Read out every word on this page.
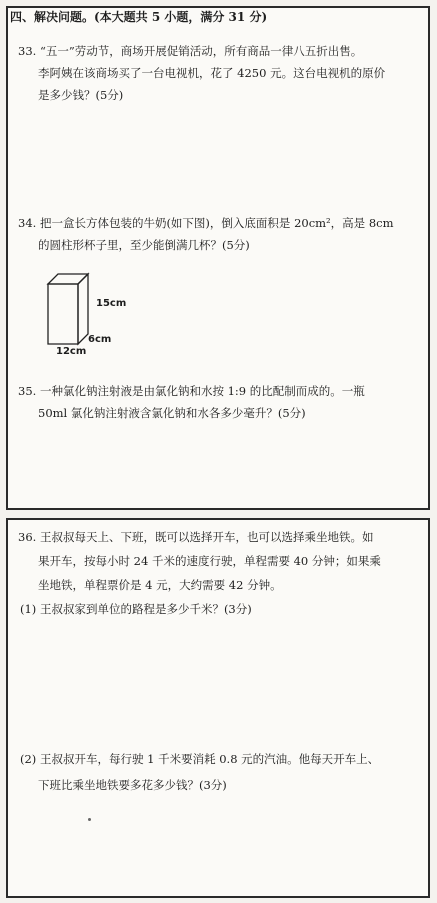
四、解决问题。(本大题共 5 小题，满分 31 分)
33. “五一”劳动节，商场开展促销活动，所有商品一律八五折出售。
李阿姨在该商场买了一台电视机，花了 4250 元。这台电视机的原价
是多少钱？(5分)
34. 把一盒长方体包装的牛奶(如下图)，倒入底面积是 20cm²，高是 8cm
的圆柱形杯子里，至少能倒满几杯？(5分)
35. 一种氯化钠注射液是由氯化钠和水按 1:9 的比配制而成的。一瓶
50ml 氯化钠注射液含氯化钠和水各多少毫升？(5分)
15cm
6cm
12cm
36. 王叔叔每天上、下班，既可以选择开车，也可以选择乘坐地铁。如
果开车，按每小时 24 千米的速度行驶，单程需要 40 分钟；如果乘
坐地铁，单程票价是 4 元，大约需要 42 分钟。
(1) 王叔叔家到单位的路程是多少千米？(3分)
(2) 王叔叔开车，每行驶 1 千米要消耗 0.8 元的汽油。他每天开车上、
下班比乘坐地铁要多花多少钱？(3分)
